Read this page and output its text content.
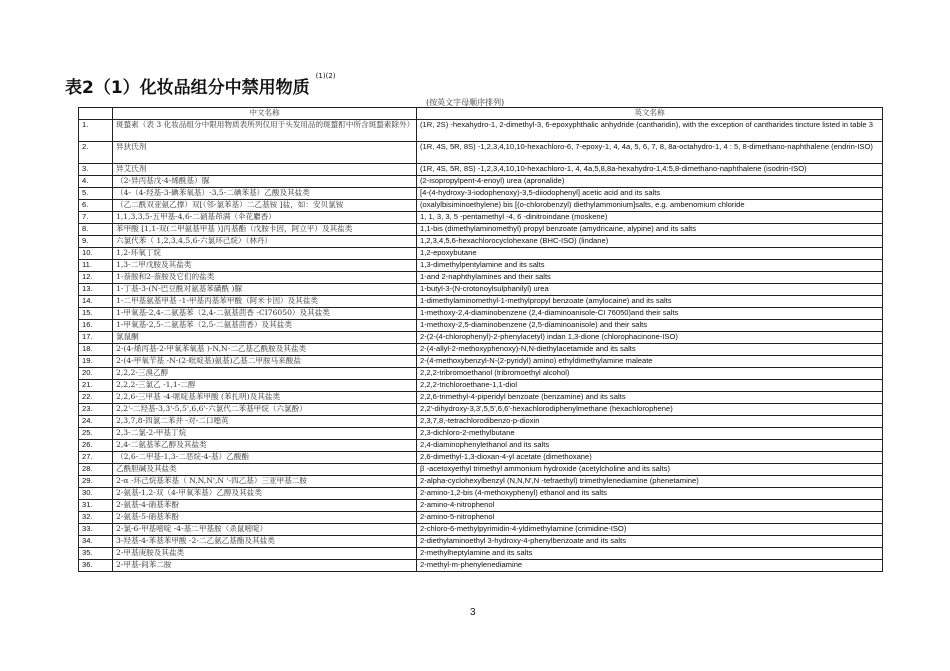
表2（1）化妆品组分中禁用物质$^{(1)(2)}$
(按英文字母顺序排列)
	中文名称	英文名称
1.	斑蝥素（表 3 化妆品组分中限用物质表所列仅用于头发用品的斑蝥酊中所含斑蝥素除外）	(1R, 2S) -hexahydro-1, 2-dimethyl-3, 6-epoxyphthalic anhydride (cantharidin), with the exception of cantharides tincture listed in table 3
2.	异狄氏剂	(1R, 4S, 5R, 8S) -1,2,3,4,10,10-hexachloro-6, 7-epoxy-1, 4, 4a, 5, 6, 7, 8, 8a-octahydro-1, 4 : 5, 8-dimethano-naphthalene (endrin-ISO)
3.	异艾氏剂	(1R, 4S, 5R, 8S) -1,2,3,4,10,10-hexachloro-1, 4, 4a,5,8,8a-hexahydro-1,4:5,8-dimethano-naphthalene (isodrin-ISO)
4.	（2-异丙基戊-4-烯酰基）脲	(2-isopropylpent-4-enoyl) urea (apronalide)
5.	（4-（4-羟基-3-碘苯氧基）-3,5-二碘苯基）乙酸及其盐类	[4-(4-hydroxy-3-iodophenoxy)-3,5-diiodophenyl] acetic acid and its salts
6.	（乙二酰双亚氨乙撑）双[（邻-氯苯基）二乙基铵 ]盐，如：安贝氯铵	(oxalylbisiminoethylene) bis [(o-chlorobenzyl) diethylammonium]salts, e.g. ambenomium chloride
7.	1,1,3,3,5-五甲基-4,6-二硝基茚满（伞花麝香）	1, 1, 3, 3, 5 -pentamethyl -4, 6 -dinitroindane (moskene)
8.	苯甲酸 [1,1-双(二甲氨基甲基 )]丙基酯（戊胺卡因，阿立平）及其盐类	1,1-bis (dimethylaminomethyl) propyl benzoate (amydricaine, alypine) and its salts
9.	六氯代苯（ 1,2,3,4,5,6-六氯环己烷）（林丹）	1,2,3,4,5,6-hexachlorocyclohexane (BHC-ISO) (lindane)
10.	1,2-环氧丁烷	1,2-epoxybutane
11.	1,3-二甲戊胺及其盐类	1,3-dimethylpentylamine and its salts
12.	1-萘胺和2-萘胺及它们的盐类	1-and 2-naphthylamines and their salts
13.	1-丁基-3-(N-巴豆酰对氨基苯磺酰 )脲	1-butyl-3-(N-crotonoylsulphanilyl) urea
14.	1-二甲基氨基甲基 -1-甲基丙基苯甲酸（阿米卡因）及其盐类	1-dimethylaminomethyl-1-methylpropyl benzoate (amylocaine) and its salts
15.	1-甲氧基-2,4-二氨基苯（2,4-二氨基茴香 -CI76050）及其盐类	1-methoxy-2,4-diaminobenzene (2,4-diaminoanisole-CI 76050)and their salts
16.	1-甲氧基-2,5-二氨基苯（2,5-二氨基茴香）及其盐类	1-methoxy-2,5-diaminobenzene (2,5-diaminoanisole) and their salts
17.	氯鼠酮	2-(2-(4-chlorophenyl)-2-phenylacetyl) indan 1,3-dione (chlorophacinone-ISO)
18.	2-(4-烯丙基-2-甲氧苯氧基 )-N,N-二乙基乙酰胺及其盐类	2-(4-allyl-2-methoxyphenoxy)-N,N-diethylacetamide and its salts
19.	2-(4-甲氧苄基 -N-(2-吡啶基)氨基)乙基二甲胺马来酸盐	2-(4-methoxybenzyl-N-(2-pyridyl) amino) ethyldimethylamine maleate
20.	2,2,2-三溴乙醇	2,2,2-tribromoethanol (tribromoethyl alcohol)
21.	2,2,2-三氯乙 -1,1-二醇	2,2,2-trichloroethane-1,1-diol
22.	2,2,6-三甲基 -4-哌啶基苯甲酸 (苯扎明)及其盐类	2,2,6-trimethyl-4-piperidyl benzoate (benzamine) and its salts
23.	2,2'-二羟基-3,3'-5,5',6,6'-六氯代二苯基甲烷（六氯酚）	2,2'-dihydroxy-3,3',5,5',6,6'-hexachlorodiphenylmethane (hexachlorophene)
24.	2,3,7,8-四氯二苯并 -对-二口噁英	2,3,7,8,-tetrachlorodibenzo-p-dioxin
25.	2,3-二氯-2-甲基丁烷	2,3-dichloro-2-methylbutane
26.	2,4-二氨基苯乙醇及其盐类	2,4-diaminophenylethanol and its salts
27.	（2,6-二甲基-1,3-二恶烷-4-基）乙酸酯	2,6-dimethyl-1,3-dioxan-4-yl acetate (dimethoxane)
28.	乙酰胆碱及其盐类	β -acetoxyethyl trimethyl ammonium hydroxide (acetylcholine and its salts)
29.	2-α -环己烷基苯基（ N,N,N',N '-四乙基）三亚甲基二胺	2-alpha-cyclohexylbenzyl (N,N,N',N -tefraethyl) trimethylenediamine (phenetamine)
30.	2-氨基-1,2-双（4-甲氧苯基）乙醇及其盐类	2-amino-1,2-bis (4-methoxyphenyl) ethanol and its salts
31.	2-氨基-4-硝基苯酚	2-amino-4-nitrophenol
32.	2-氨基-5-硝基苯酚	2-amino-5-nitrophenol
33.	2-氯-6-甲基嘧啶 -4-基二甲基胺（杀鼠嘧啶）	2-chloro-6-methylpyrimidin-4-yldimethylamine (crimidine-ISO)
34.	3-羟基-4-苯基苯甲酸 -2-二乙氨乙基酯及其盐类	2-diethylaminoethyl 3-hydroxy-4-phenylbenzoate and its salts
35.	2-甲基庚胺及其盐类	2-methylheptylamine and its salts
36.	2-甲基-间苯二胺	2-methyl-m-phenylenediamine
3
